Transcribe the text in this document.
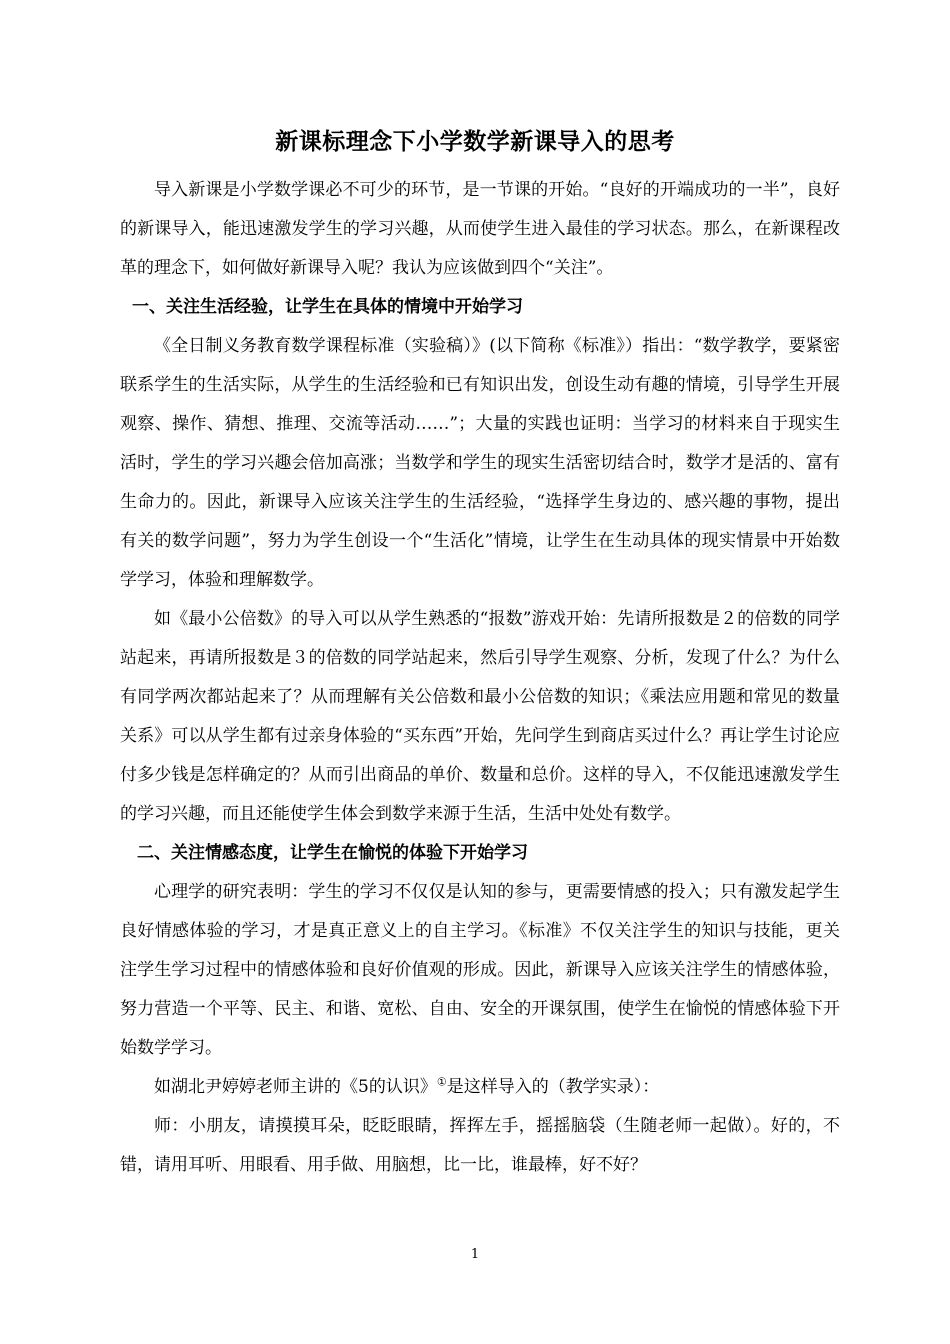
新课标理念下小学数学新课导入的思考

导入新课是小学数学课必不可少的环节，是一节课的开始。“良好的开端成功的一半”，良好的新课导入，能迅速激发学生的学习兴趣，从而使学生进入最佳的学习状态。那么，在新课程改革的理念下，如何做好新课导入呢？我认为应该做到四个“关注”。

一、关注生活经验，让学生在具体的情境中开始学习

《全日制义务教育数学课程标准（实验稿）》(以下简称《标准》）指出：“数学教学，要紧密联系学生的生活实际，从学生的生活经验和已有知识出发，创设生动有趣的情境，引导学生开展观察、操作、猜想、推理、交流等活动……”；大量的实践也证明：当学习的材料来自于现实生活时，学生的学习兴趣会倍加高涨；当数学和学生的现实生活密切结合时，数学才是活的、富有生命力的。因此，新课导入应该关注学生的生活经验，“选择学生身边的、感兴趣的事物，提出有关的数学问题”，努力为学生创设一个“生活化”情境，让学生在生动具体的现实情景中开始数学学习，体验和理解数学。

如《最小公倍数》的导入可以从学生熟悉的“报数”游戏开始：先请所报数是２的倍数的同学站起来，再请所报数是３的倍数的同学站起来，然后引导学生观察、分析，发现了什么？为什么有同学两次都站起来了？从而理解有关公倍数和最小公倍数的知识；《乘法应用题和常见的数量关系》可以从学生都有过亲身体验的“买东西”开始，先问学生到商店买过什么？再让学生讨论应付多少钱是怎样确定的？从而引出商品的单价、数量和总价。这样的导入，不仅能迅速激发学生的学习兴趣，而且还能使学生体会到数学来源于生活，生活中处处有数学。

二、关注情感态度，让学生在愉悦的体验下开始学习

心理学的研究表明：学生的学习不仅仅是认知的参与，更需要情感的投入；只有激发起学生良好情感体验的学习，才是真正意义上的自主学习。《标准》不仅关注学生的知识与技能，更关注学生学习过程中的情感体验和良好价值观的形成。因此，新课导入应该关注学生的情感体验，努力营造一个平等、民主、和谐、宽松、自由、安全的开课氛围，使学生在愉悦的情感体验下开始数学学习。

如湖北尹婷婷老师主讲的《5的认识》①是这样导入的（教学实录）：

师：小朋友，请摸摸耳朵，眨眨眼睛，挥挥左手，摇摇脑袋（生随老师一起做）。好的，不错，请用耳听、用眼看、用手做、用脑想，比一比，谁最棒，好不好？

1
